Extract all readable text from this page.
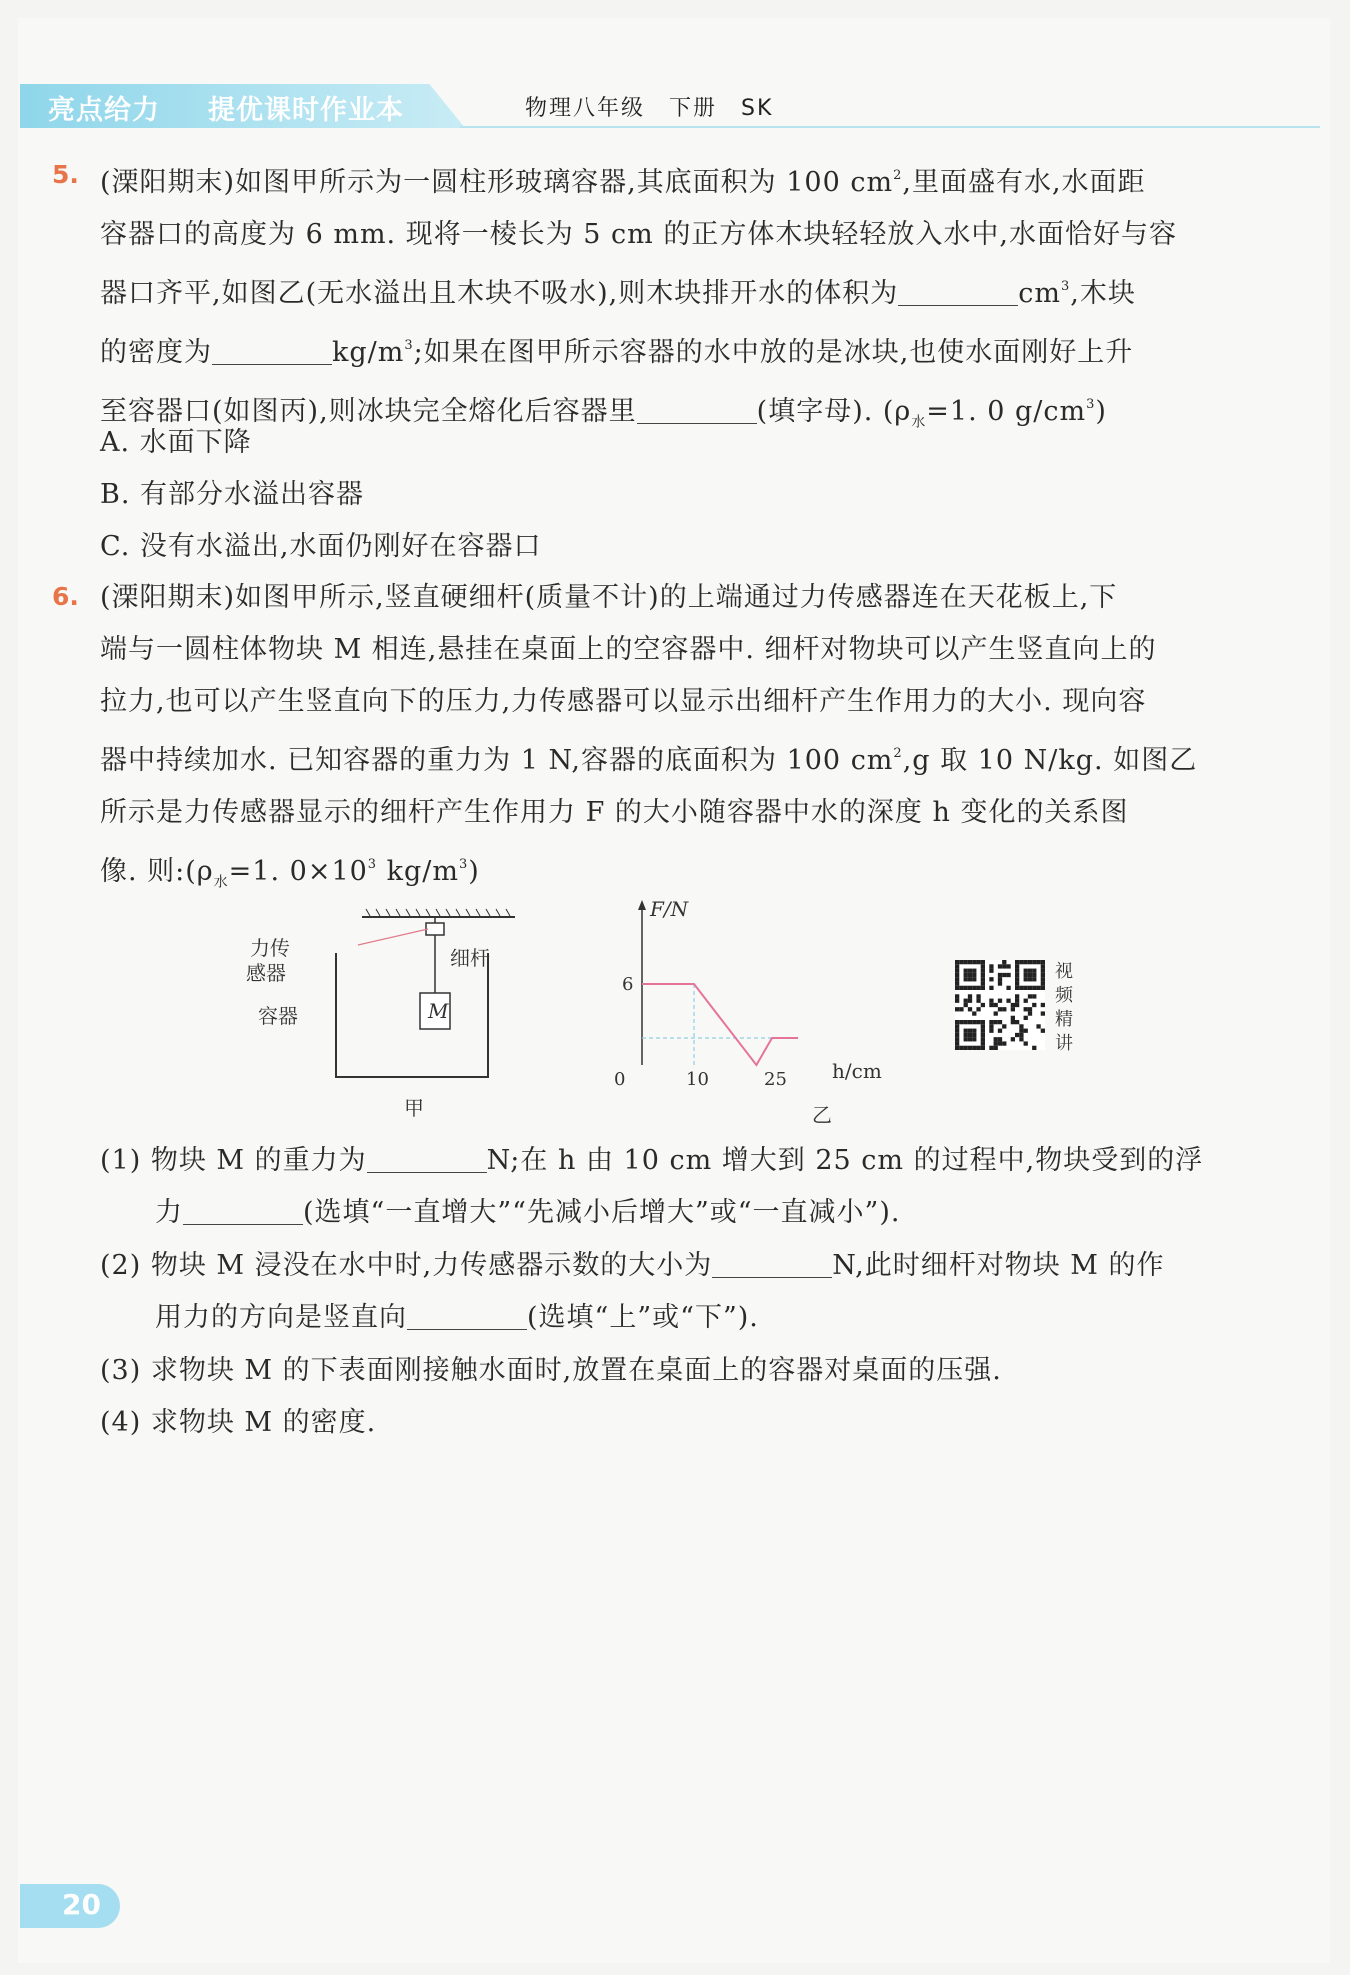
亮点给力 提优课时作业本	物理八年级　下册　SK
5. (溧阳期末)如图甲所示为一圆柱形玻璃容器,其底面积为 100 $cm^2$,里面盛有水,水面距
容器口的高度为 6 mm. 现将一棱长为 5 cm 的正方体木块轻轻放入水中,水面恰好与容
器口齐平,如图乙(无水溢出且木块不吸水),则木块排开水的体积为	$cm^3$,木块
的密度为	$kg/m^3$;如果在图甲所示容器的水中放的是冰块,也使水面刚好上升
至容器口(如图丙),则冰块完全熔化后容器里	(填字母). ($\rho_水=1$. 0 $g/cm^3$)
A. 水面下降
B. 有部分水溢出容器
C. 没有水溢出,水面仍刚好在容器口
6. (溧阳期末)如图甲所示,竖直硬细杆(质量不计)的上端通过力传感器连在天花板上,下
端与一圆柱体物块 M 相连,悬挂在桌面上的空容器中. 细杆对物块可以产生竖直向上的
拉力,也可以产生竖直向下的压力,力传感器可以显示出细杆产生作用力的大小. 现向容
器中持续加水. 已知容器的重力为 1 N,容器的底面积为 100 $cm^2,g$ 取 10 N/kg. 如图乙
所示是力传感器显示的细杆产生作用力 F 的大小随容器中水的深度 h 变化的关系图
像. 则$:(\rho_水=1$. $0\times 10^3$ $kg/m^3$)
力传
感器
细杆
M
容器
甲
F/N
h/cm
乙
0	10	25
6
视
频
精
讲
(1) 物块 M 的重力为	N;在 h 由 10 cm 增大到 25 cm 的过程中,物块受到的浮
力	(选填“一直增大”“先减小后增大”或“一直减小”).
(2) 物块 M 浸没在水中时,力传感器示数的大小为	N,此时细杆对物块 M 的作
用力的方向是竖直向	(选填“上”或“下”).
(3) 求物块 M 的下表面刚接触水面时,放置在桌面上的容器对桌面的压强.
(4) 求物块 M 的密度.
20
